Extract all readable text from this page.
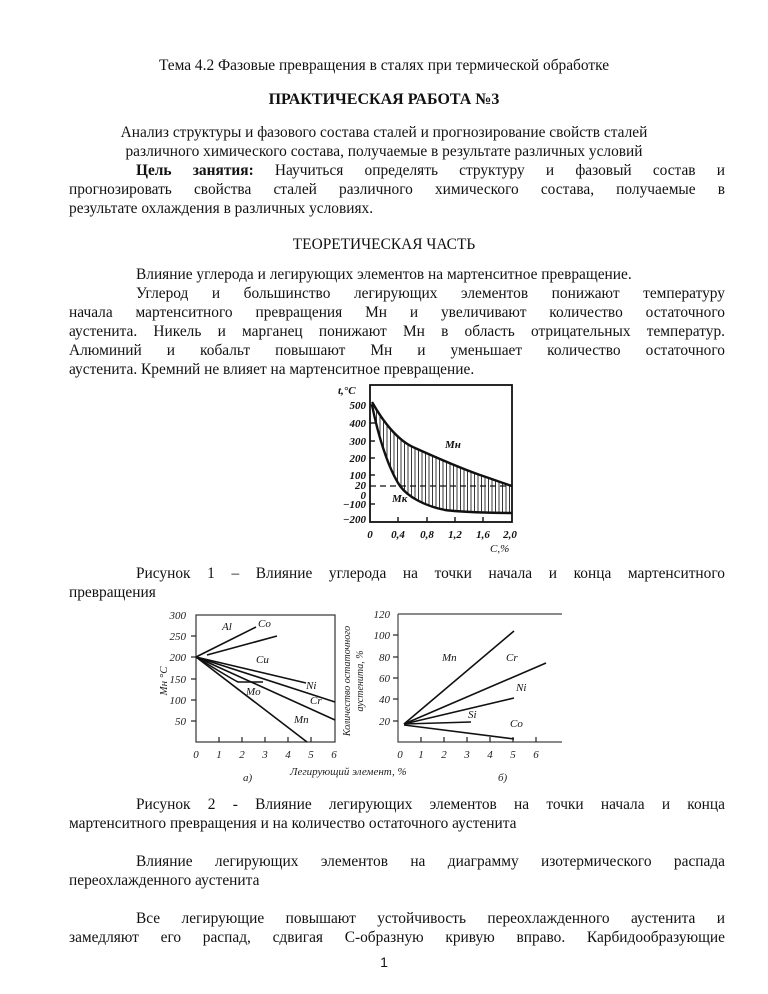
Тема 4.2 Фазовые превращения в сталях при термической обработке
ПРАКТИЧЕСКАЯ РАБОТА №3
Анализ структуры и фазового состава сталей и прогнозирование свойств сталей
различного химического состава, получаемые в результате различных условий
Цель занятия: Научиться определять структуру и фазовый состав и
прогнозировать свойства сталей различного химического состава, получаемые в
результате охлаждения в различных условиях.
ТЕОРЕТИЧЕСКАЯ ЧАСТЬ
Влияние углерода и легирующих элементов на мартенситное превращение.
Углерод и большинство легирующих элементов понижают температуру
начала мартенситного превращения Мн и увеличивают количество остаточного
аустенита. Никель и марганец понижают Мн в область отрицательных температур.
Алюминий и кобальт повышают Мн и уменьшает количество остаточного
аустенита. Кремний не влияет на мартенситное превращение.
500
400
300
200
100
20
0
−100
−200
t,°C
0 0,4 0,8 1,2 1,6 2,0
С,%
Мн
Мк
Рисунок 1 – Влияние углерода на точки начала и конца мартенситного
превращения
300
250
200
150
100
50
0 1 2 3 4 5 6
Мн °С
Al Co
Cu
Ni
Cr
Mo
Mn
а)
120
100
80
60
40
20
0 1 2 3 4 5 6
Количество остаточного аустенита, %	Mn	Cr
Ni
Si
Co
Легирующий элемент, %	б)
Рисунок 2 - Влияние легирующих элементов на точки начала и конца
мартенситного превращения и на количество остаточного аустенита
Влияние легирующих элементов на диаграмму изотермического распада
переохлажденного аустенита
Все легирующие повышают устойчивость переохлажденного аустенита и
замедляют его распад, сдвигая С-образную кривую вправо. Карбидообразующие
1
